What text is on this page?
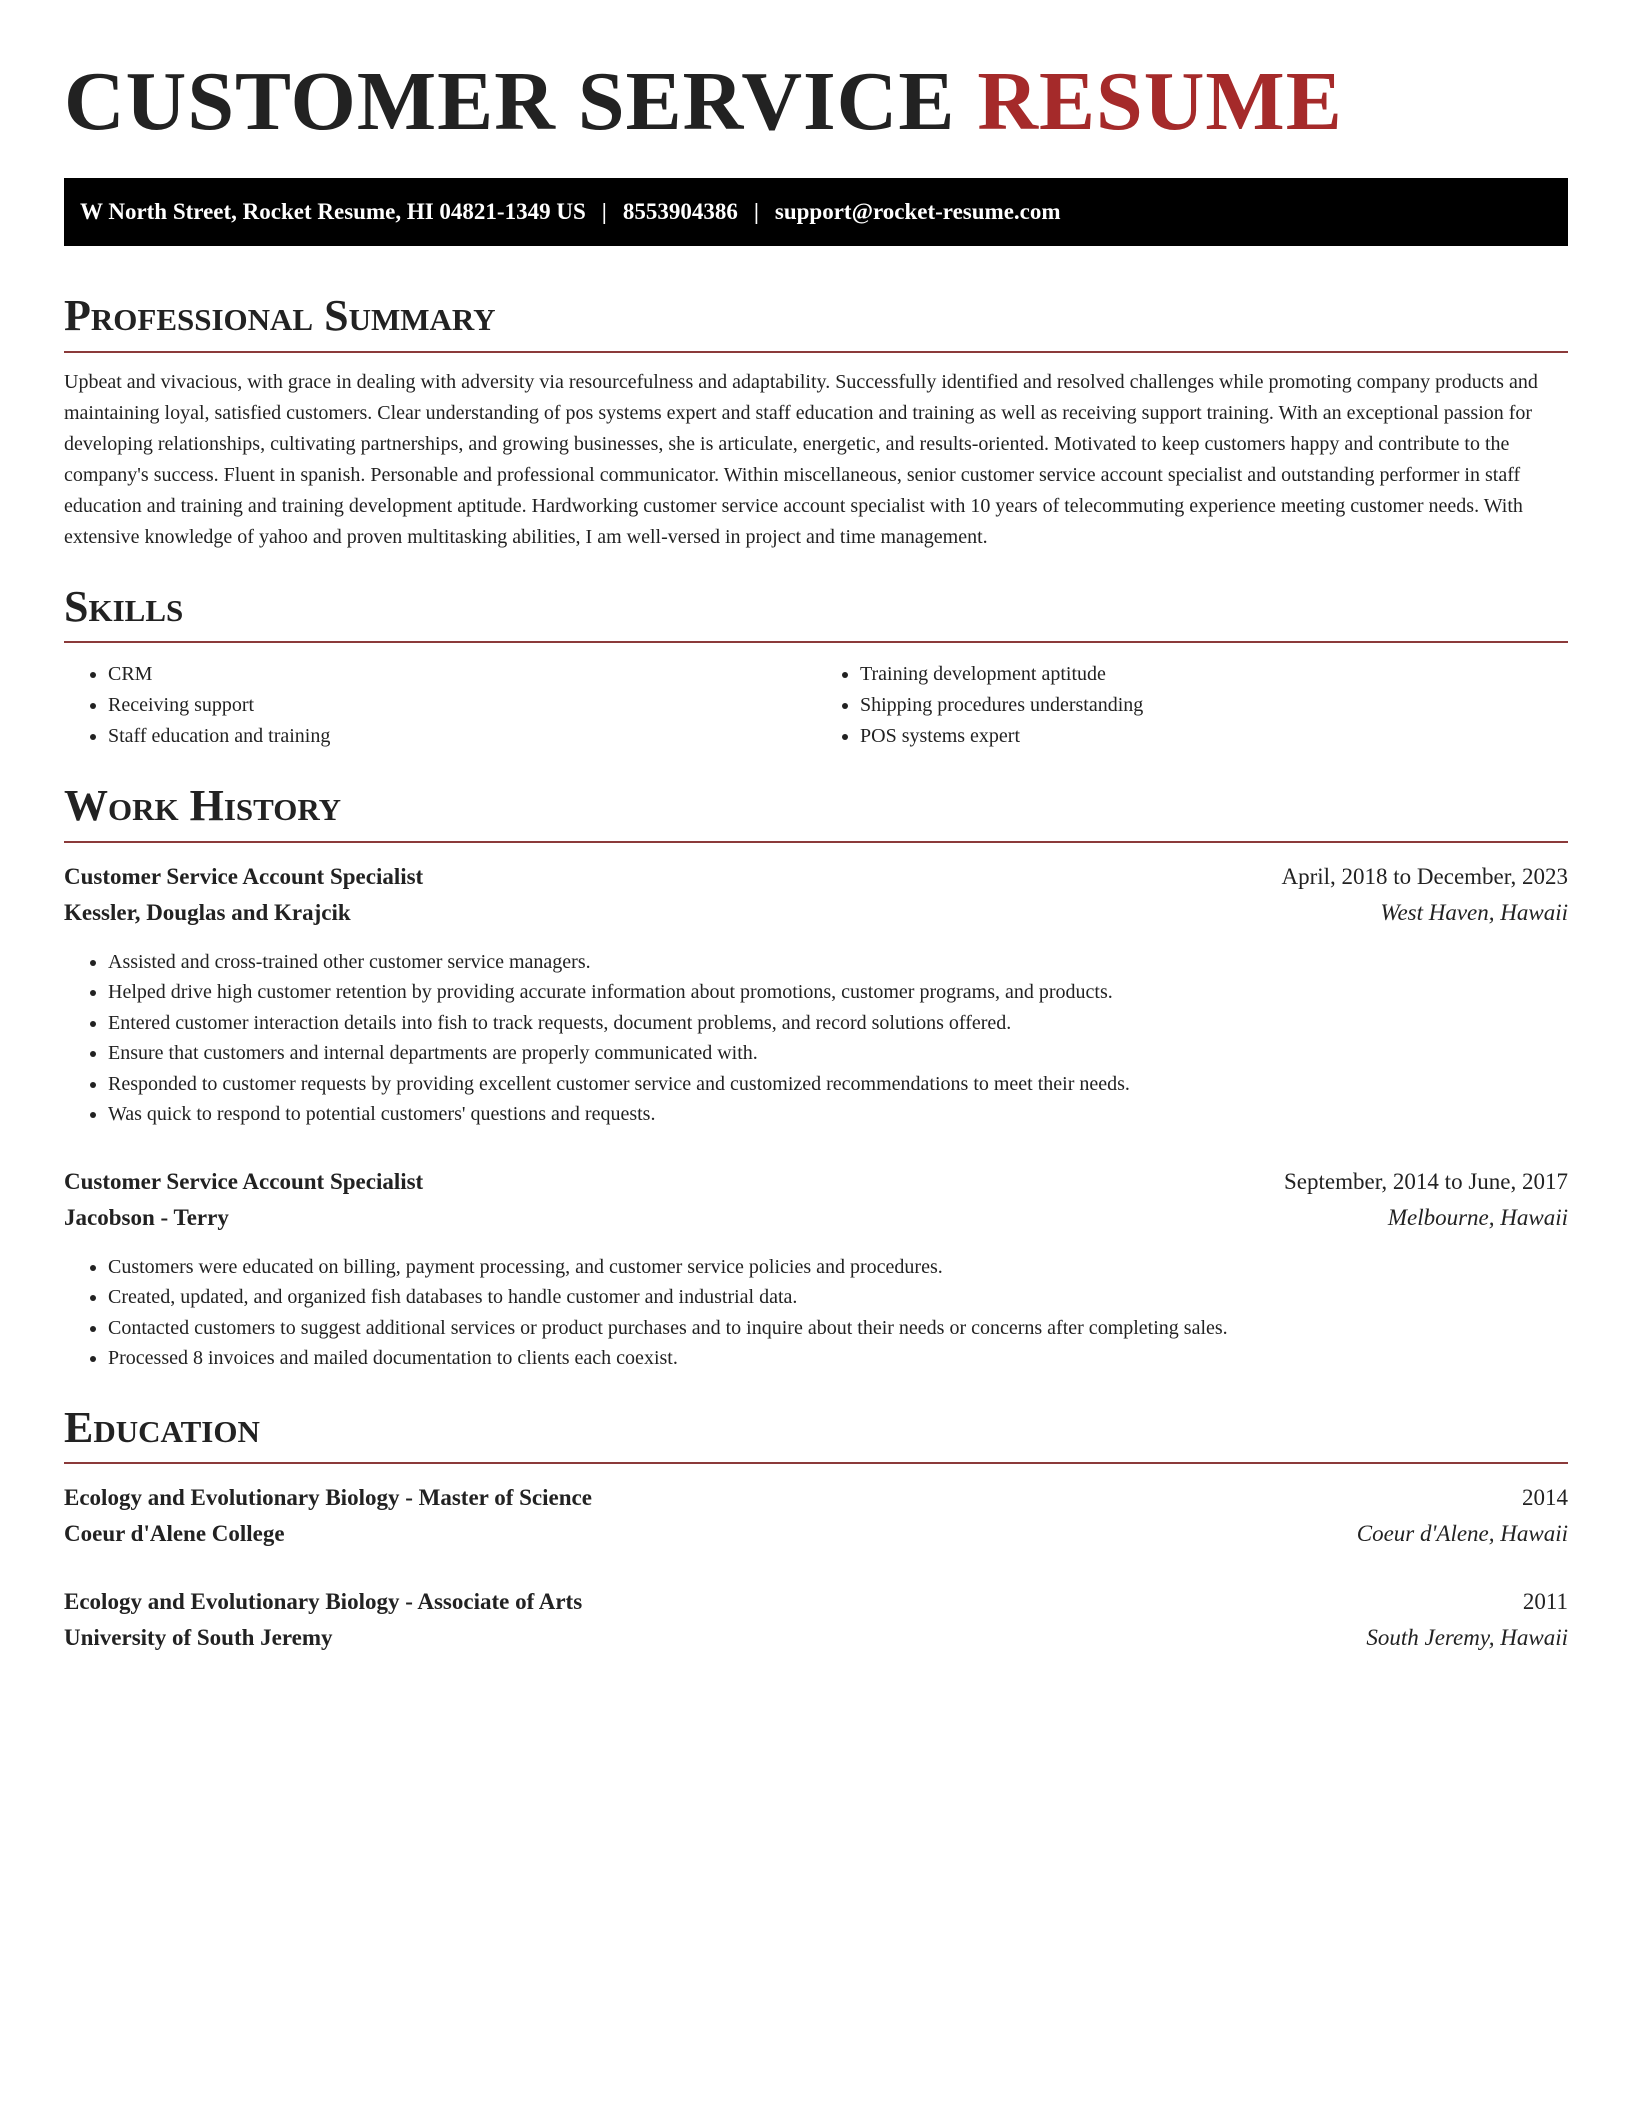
CUSTOMER SERVICE RESUME
W North Street, Rocket Resume, HI 04821-1349 US | 8553904386 | support@rocket-resume.com
Professional Summary

Upbeat and vivacious, with grace in dealing with adversity via resourcefulness and adaptability. Successfully identified and resolved challenges while promoting company products and maintaining loyal, satisfied customers. Clear understanding of pos systems expert and staff education and training as well as receiving support training. With an exceptional passion for developing relationships, cultivating partnerships, and growing businesses, she is articulate, energetic, and results-oriented. Motivated to keep customers happy and contribute to the company's success. Fluent in spanish. Personable and professional communicator. Within miscellaneous, senior customer service account specialist and outstanding performer in staff education and training and training development aptitude. Hardworking customer service account specialist with 10 years of telecommuting experience meeting customer needs. With extensive knowledge of yahoo and proven multitasking abilities, I am well-versed in project and time management.

Skills
• CRM
• Receiving support
• Staff education and training
• Training development aptitude
• Shipping procedures understanding
• POS systems expert
Work History
Customer Service Account Specialist	April, 2018 to December, 2023
Kessler, Douglas and Krajcik	West Haven, Hawaii
• Assisted and cross-trained other customer service managers.
• Helped drive high customer retention by providing accurate information about promotions, customer programs, and products.
• Entered customer interaction details into fish to track requests, document problems, and record solutions offered.
• Ensure that customers and internal departments are properly communicated with.
• Responded to customer requests by providing excellent customer service and customized recommendations to meet their needs.
• Was quick to respond to potential customers' questions and requests.
Customer Service Account Specialist	September, 2014 to June, 2017
Jacobson - Terry	Melbourne, Hawaii
• Customers were educated on billing, payment processing, and customer service policies and procedures.
• Created, updated, and organized fish databases to handle customer and industrial data.
• Contacted customers to suggest additional services or product purchases and to inquire about their needs or concerns after completing sales.
• Processed 8 invoices and mailed documentation to clients each coexist.
Education
Ecology and Evolutionary Biology - Master of Science	2014
Coeur d'Alene College	Coeur d'Alene, Hawaii
Ecology and Evolutionary Biology - Associate of Arts	2011
University of South Jeremy	South Jeremy, Hawaii
